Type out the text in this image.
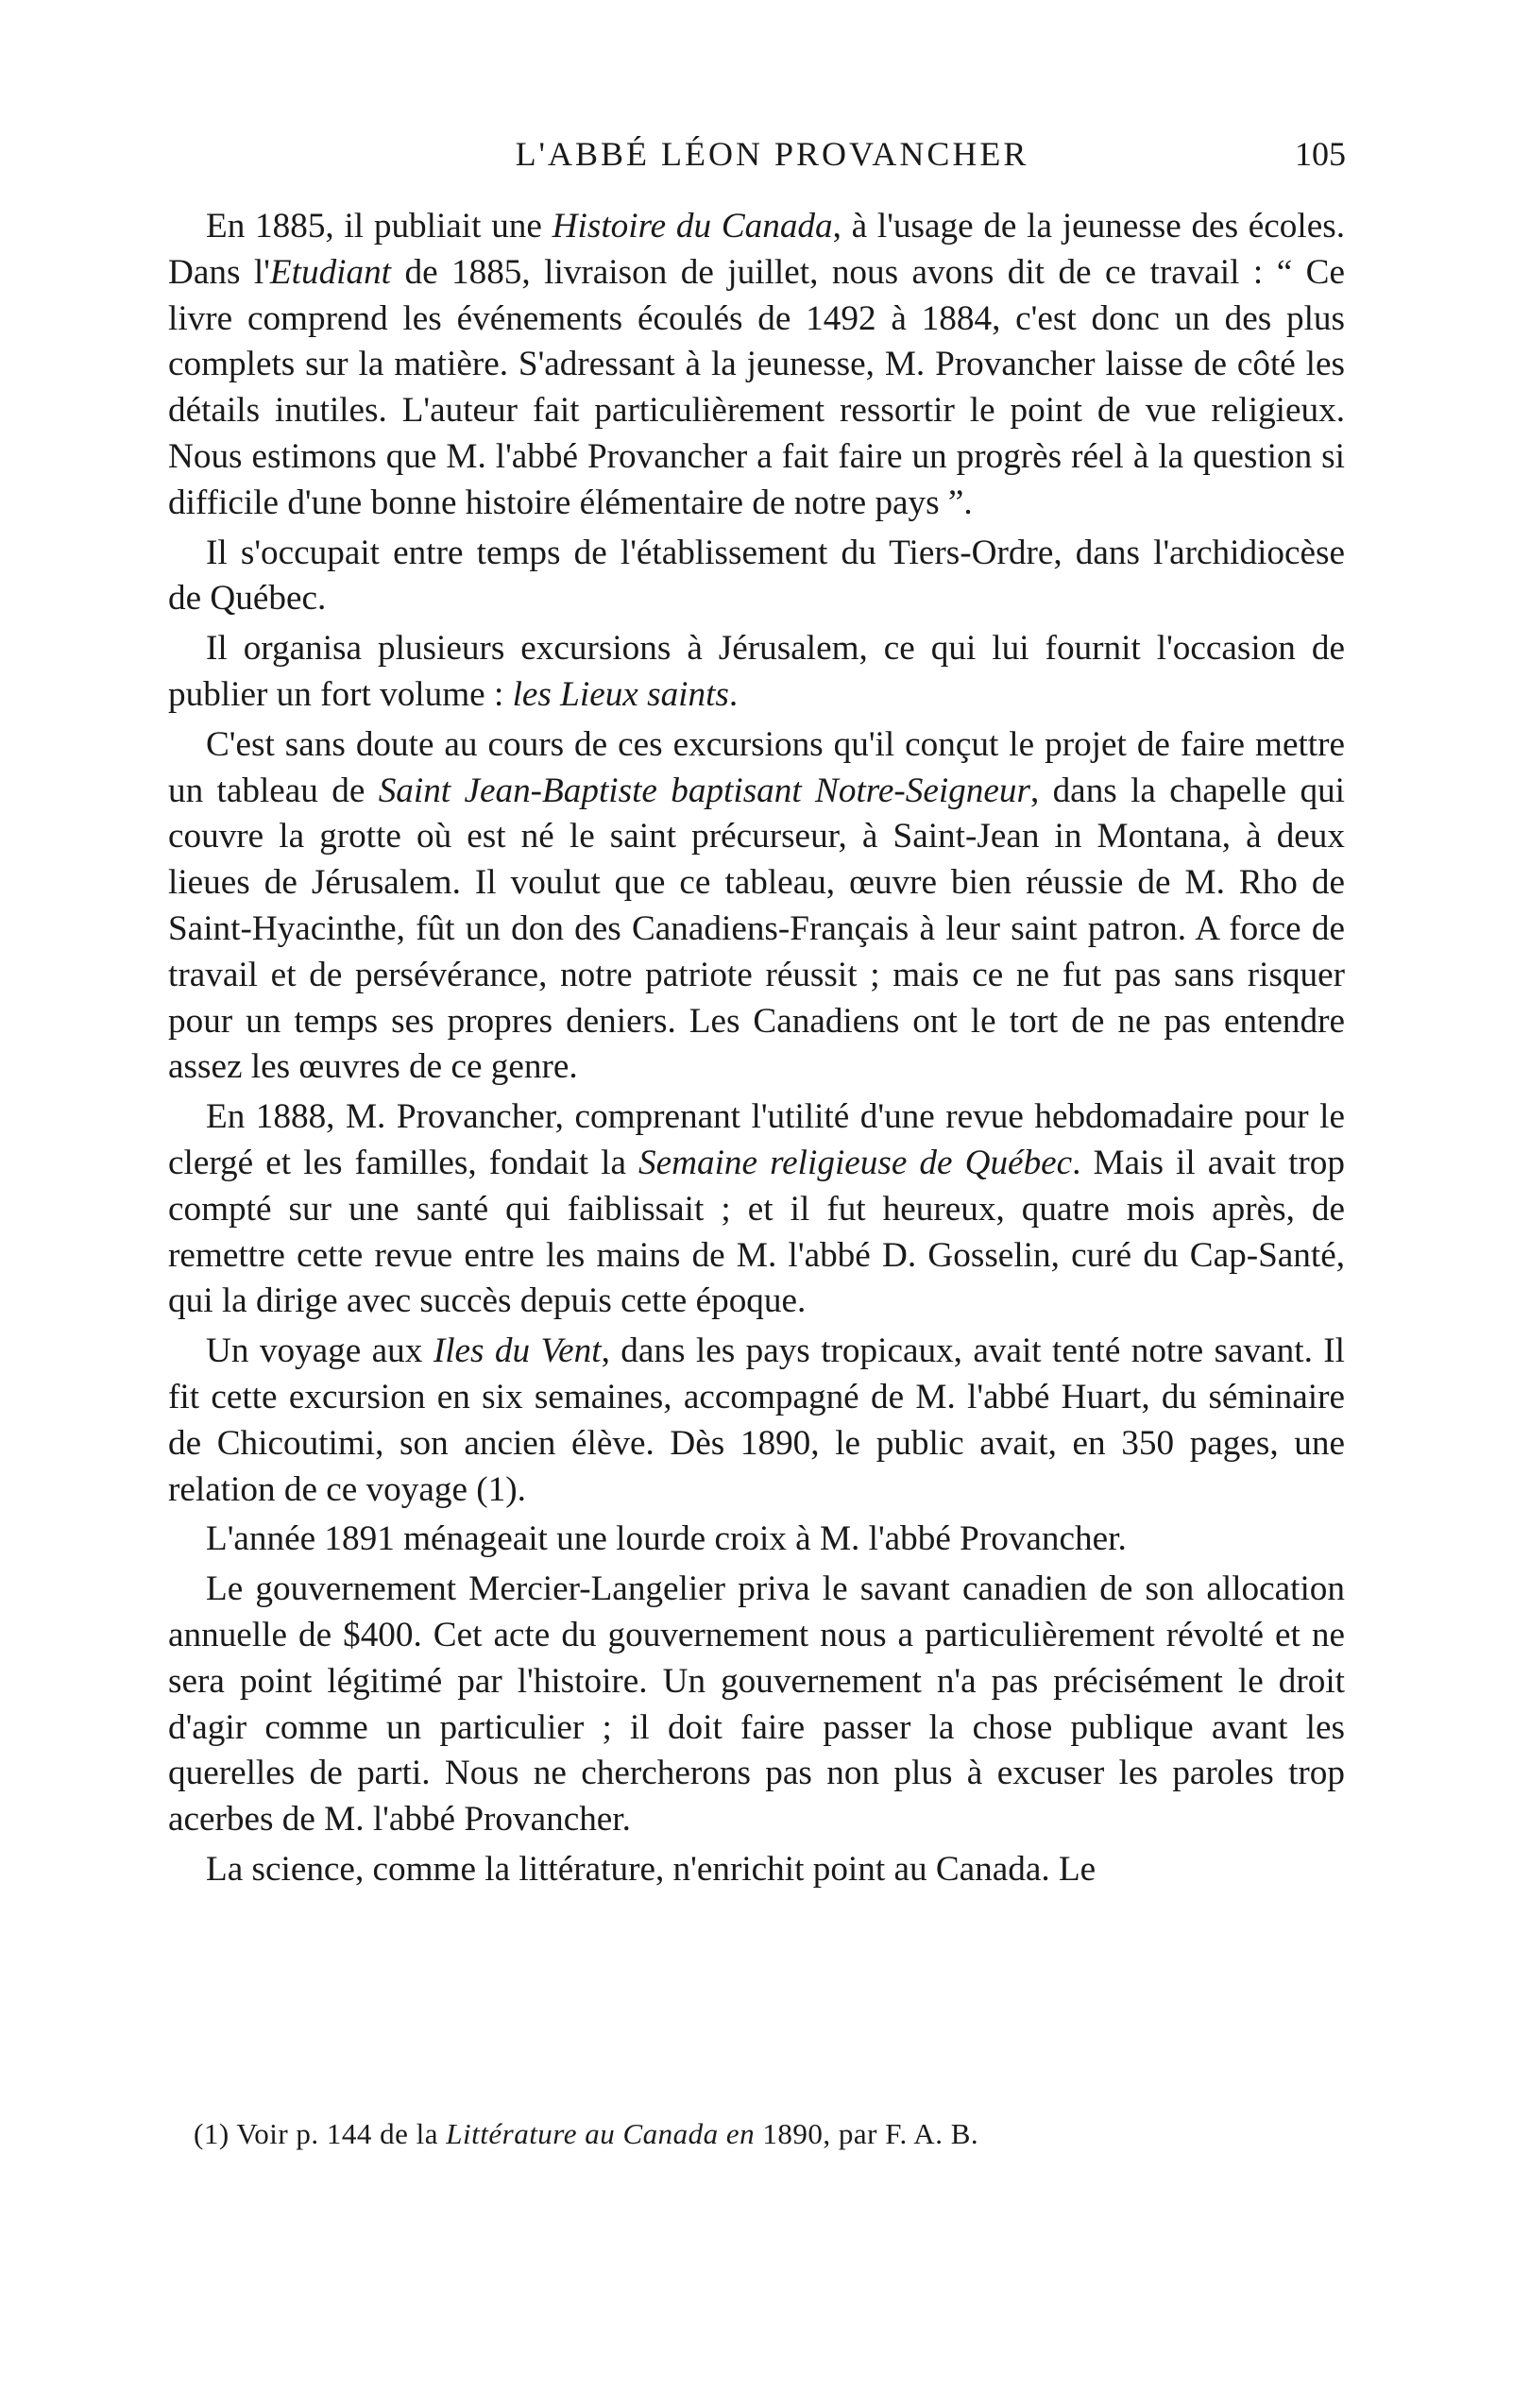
L'ABBÉ LÉON PROVANCHER	105

En 1885, il publiait une Histoire du Canada, à l'usage de la jeunesse des écoles. Dans l'Etudiant de 1885, livraison de juillet, nous avons dit de ce travail : “ Ce livre comprend les événements écoulés de 1492 à 1884, c'est donc un des plus complets sur la matière. S'adressant à la jeunesse, M. Provancher laisse de côté les détails inutiles. L'auteur fait particulièrement ressortir le point de vue religieux. Nous estimons que M. l'abbé Provancher a fait faire un progrès réel à la question si difficile d'une bonne histoire élémentaire de notre pays ”.

Il s'occupait entre temps de l'établissement du Tiers-Ordre, dans l'archidiocèse de Québec.

Il organisa plusieurs excursions à Jérusalem, ce qui lui fournit l'occasion de publier un fort volume : les Lieux saints.

C'est sans doute au cours de ces excursions qu'il conçut le projet de faire mettre un tableau de Saint Jean-Baptiste baptisant Notre-Seigneur, dans la chapelle qui couvre la grotte où est né le saint précurseur, à Saint-Jean in Montana, à deux lieues de Jérusalem. Il voulut que ce tableau, œuvre bien réussie de M. Rho de Saint-Hyacinthe, fût un don des Canadiens-Français à leur saint patron. A force de travail et de persévérance, notre patriote réussit ; mais ce ne fut pas sans risquer pour un temps ses propres deniers. Les Canadiens ont le tort de ne pas entendre assez les œuvres de ce genre.

En 1888, M. Provancher, comprenant l'utilité d'une revue hebdomadaire pour le clergé et les familles, fondait la Semaine religieuse de Québec. Mais il avait trop compté sur une santé qui faiblissait ; et il fut heureux, quatre mois après, de remettre cette revue entre les mains de M. l'abbé D. Gosselin, curé du Cap-Santé, qui la dirige avec succès depuis cette époque.

Un voyage aux Iles du Vent, dans les pays tropicaux, avait tenté notre savant. Il fit cette excursion en six semaines, accompagné de M. l'abbé Huart, du séminaire de Chicoutimi, son ancien élève. Dès 1890, le public avait, en 350 pages, une relation de ce voyage (1).

L'année 1891 ménageait une lourde croix à M. l'abbé Provancher.

Le gouvernement Mercier-Langelier priva le savant canadien de son allocation annuelle de $400. Cet acte du gouvernement nous a particulièrement révolté et ne sera point légitimé par l'histoire. Un gouvernement n'a pas précisément le droit d'agir comme un particulier ; il doit faire passer la chose publique avant les querelles de parti. Nous ne chercherons pas non plus à excuser les paroles trop acerbes de M. l'abbé Provancher.

La science, comme la littérature, n'enrichit point au Canada. Le

(1) Voir p. 144 de la Littérature au Canada en 1890, par F. A. B.
